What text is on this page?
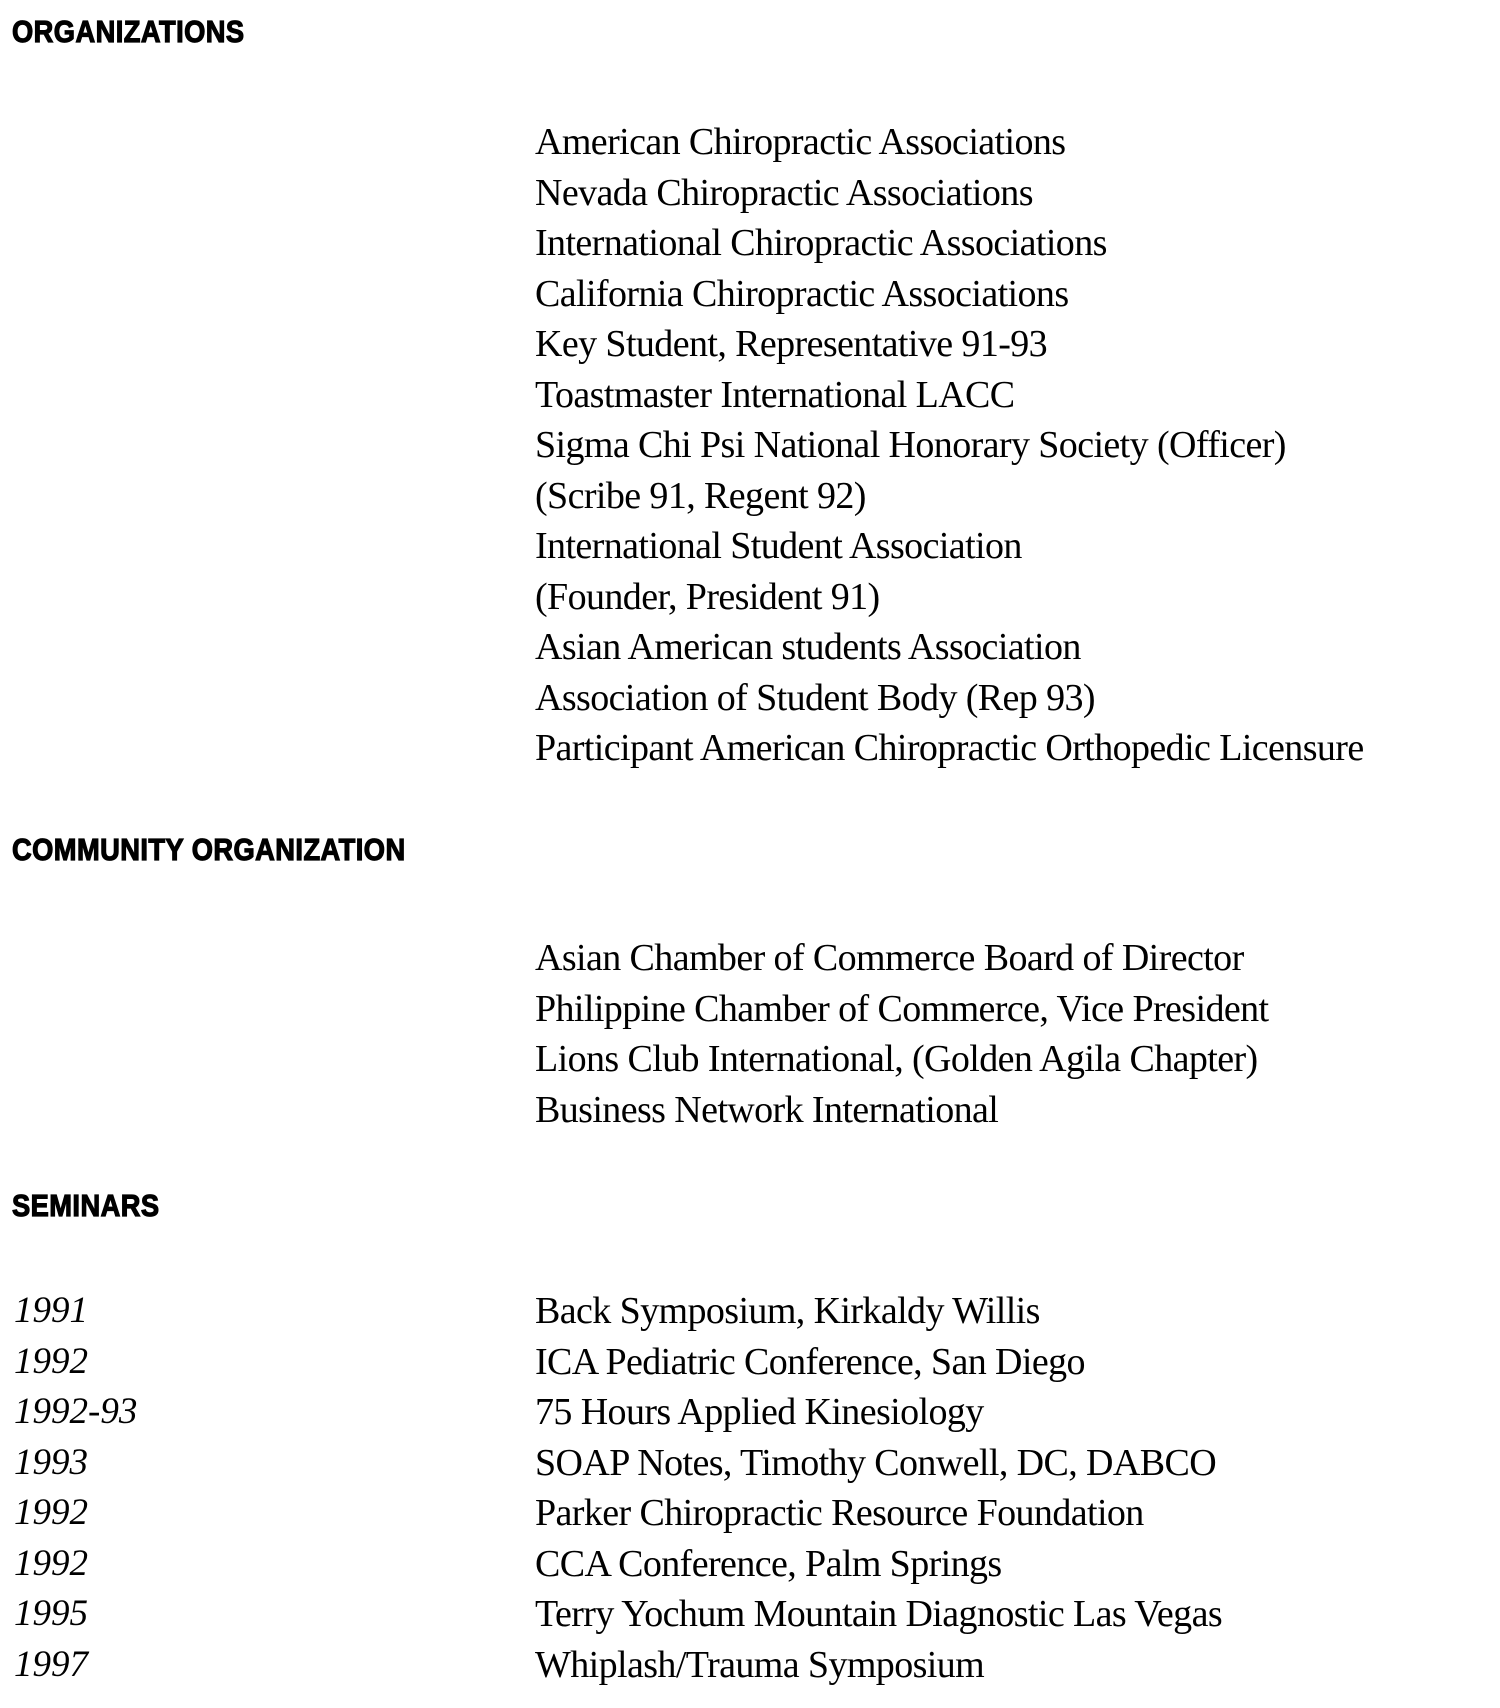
ORGANIZATIONS
American Chiropractic Associations
Nevada Chiropractic Associations
International Chiropractic Associations
California Chiropractic Associations
Key Student, Representative 91-93
Toastmaster International LACC
Sigma Chi Psi National Honorary Society (Officer)
(Scribe 91, Regent 92)
International Student Association
(Founder, President 91)
Asian American students Association
Association of Student Body (Rep 93)
Participant American Chiropractic Orthopedic Licensure
COMMUNITY ORGANIZATION
Asian Chamber of Commerce Board of Director
Philippine Chamber of Commerce, Vice President
Lions Club International, (Golden Agila Chapter)
Business Network International
SEMINARS
1991	Back Symposium, Kirkaldy Willis
1992	ICA Pediatric Conference, San Diego
1992-93	75 Hours Applied Kinesiology
1993	SOAP Notes, Timothy Conwell, DC, DABCO
1992	Parker Chiropractic Resource Foundation
1992	CCA Conference, Palm Springs
1995	Terry Yochum Mountain Diagnostic Las Vegas
1997	Whiplash/Trauma Symposium
